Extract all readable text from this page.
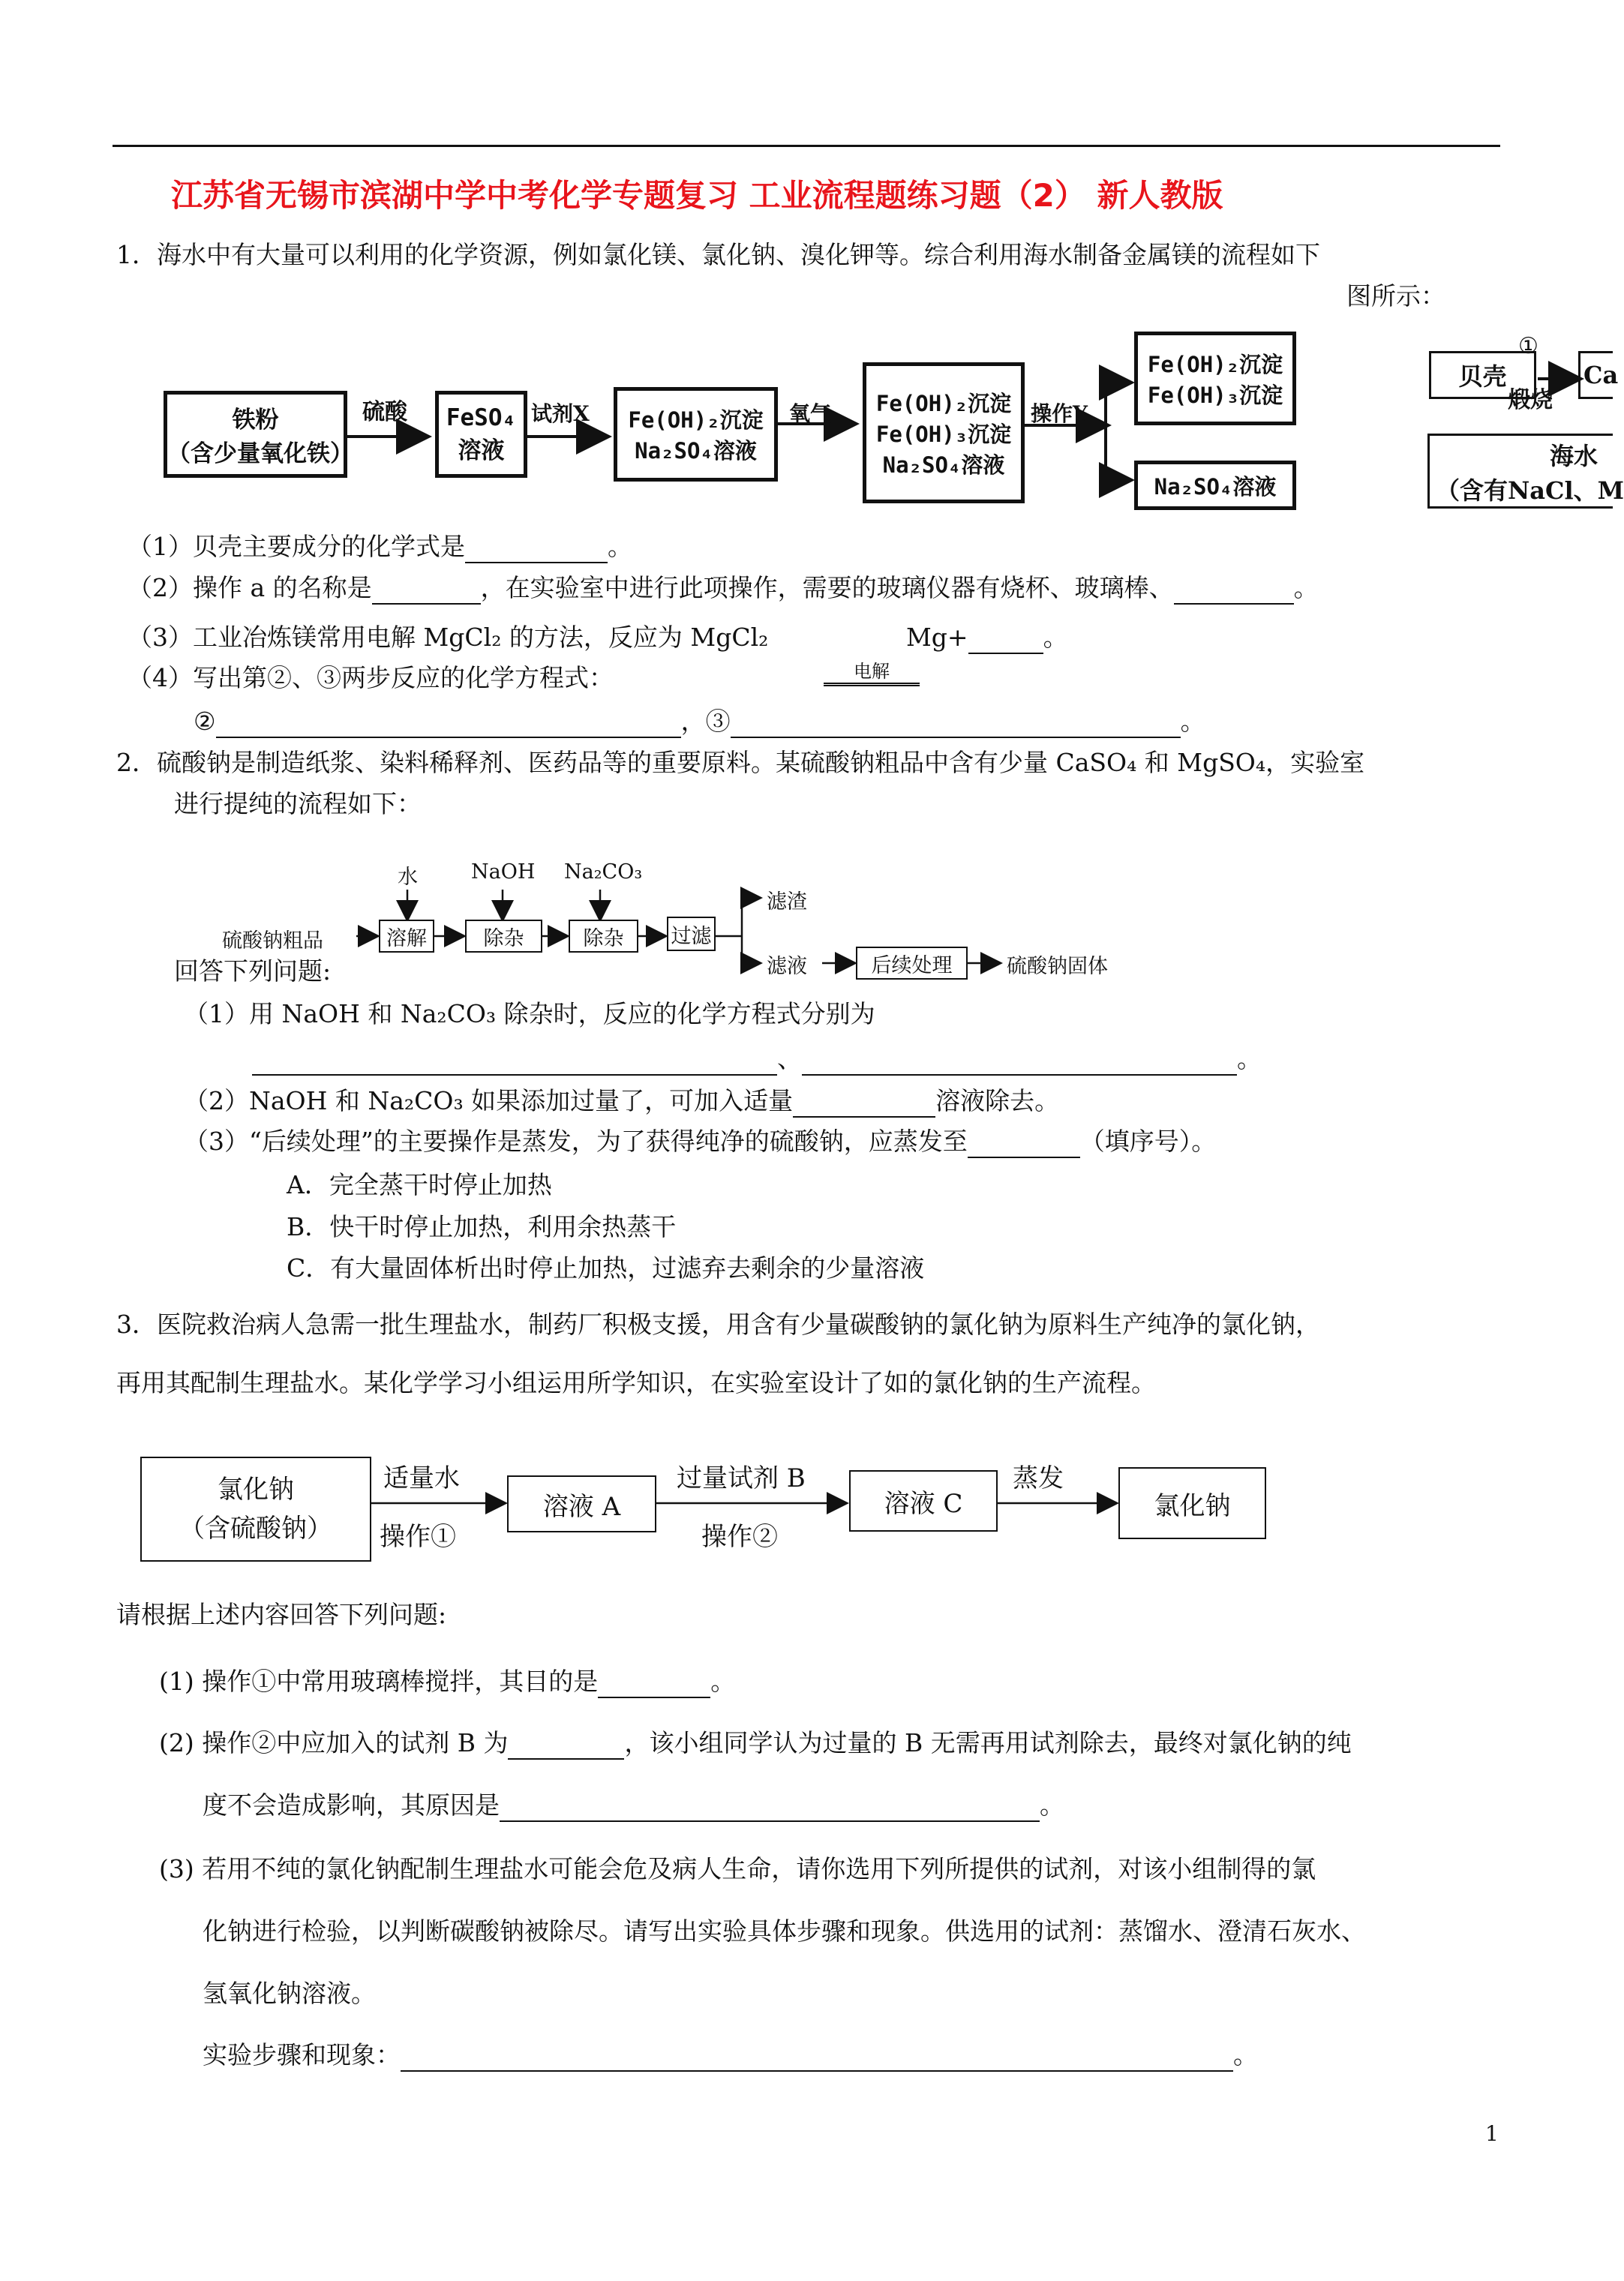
江苏省无锡市滨湖中学中考化学专题复习 工业流程题练习题（2） 新人教版
1．海水中有大量可以利用的化学资源，例如氯化镁、氯化钠、溴化钾等。综合利用海水制备金属镁的流程如下
图所示：
铁粉
（含少量氧化铁）
硫酸 FeSO₄
溶液
试剂X Fe(OH)₂沉淀
Na₂SO₄溶液
氧气 Fe(OH)₂沉淀
Fe(OH)₃沉淀
Na₂SO₄溶液
操作Y
Fe(OH)₂沉淀
Fe(OH)₃沉淀
Na₂SO₄溶液
贝壳
①
煅烧
Ca
海水
（含有NaCl、M
（1）贝壳主要成分的化学式是	。
（2）操作 a 的名称是	，在实验室中进行此项操作，需要的玻璃仪器有烧杯、玻璃棒、	。
（3）工业冶炼镁常用电解 MgCl₂ 的方法，反应为 MgCl₂	Mg+	。
（4）写出第②、③两步反应的化学方程式：	电解
②	，③	。
2．硫酸钠是制造纸浆、染料稀释剂、医药品等的重要原料。某硫酸钠粗品中含有少量 CaSO₄ 和 MgSO₄，实验室
进行提纯的流程如下：
水	NaOH Na₂CO₃
硫酸钠粗品	溶解	除杂	除杂 过滤
滤渣
滤液	后续处理	硫酸钠固体
回答下列问题:
（1）用 NaOH 和 Na₂CO₃ 除杂时，反应的化学方程式分别为
、	。
（2）NaOH 和 Na₂CO₃ 如果添加过量了，可加入适量	溶液除去。
（3）“后续处理”的主要操作是蒸发，为了获得纯净的硫酸钠，应蒸发至	（填序号）。
A．完全蒸干时停止加热
B．快干时停止加热，利用余热蒸干
C．有大量固体析出时停止加热，过滤弃去剩余的少量溶液
3．医院救治病人急需一批生理盐水，制药厂积极支援，用含有少量碳酸钠的氯化钠为原料生产纯净的氯化钠，
再用其配制生理盐水。某化学学习小组运用所学知识，在实验室设计了如的氯化钠的生产流程。
氯化钠
（含硫酸钠）
适量水
操作①
溶液 A
过量试剂 B
操作②
溶液 C
蒸发
氯化钠
请根据上述内容回答下列问题:
(1) 操作①中常用玻璃棒搅拌，其目的是	。
(2) 操作②中应加入的试剂 B 为	，该小组同学认为过量的 B 无需再用试剂除去，最终对氯化钠的纯
度不会造成影响，其原因是	。
(3) 若用不纯的氯化钠配制生理盐水可能会危及病人生命，请你选用下列所提供的试剂，对该小组制得的氯
化钠进行检验，以判断碳酸钠被除尽。请写出实验具体步骤和现象。供选用的试剂：蒸馏水、澄清石灰水、
氢氧化钠溶液。
实验步骤和现象：	。
1
